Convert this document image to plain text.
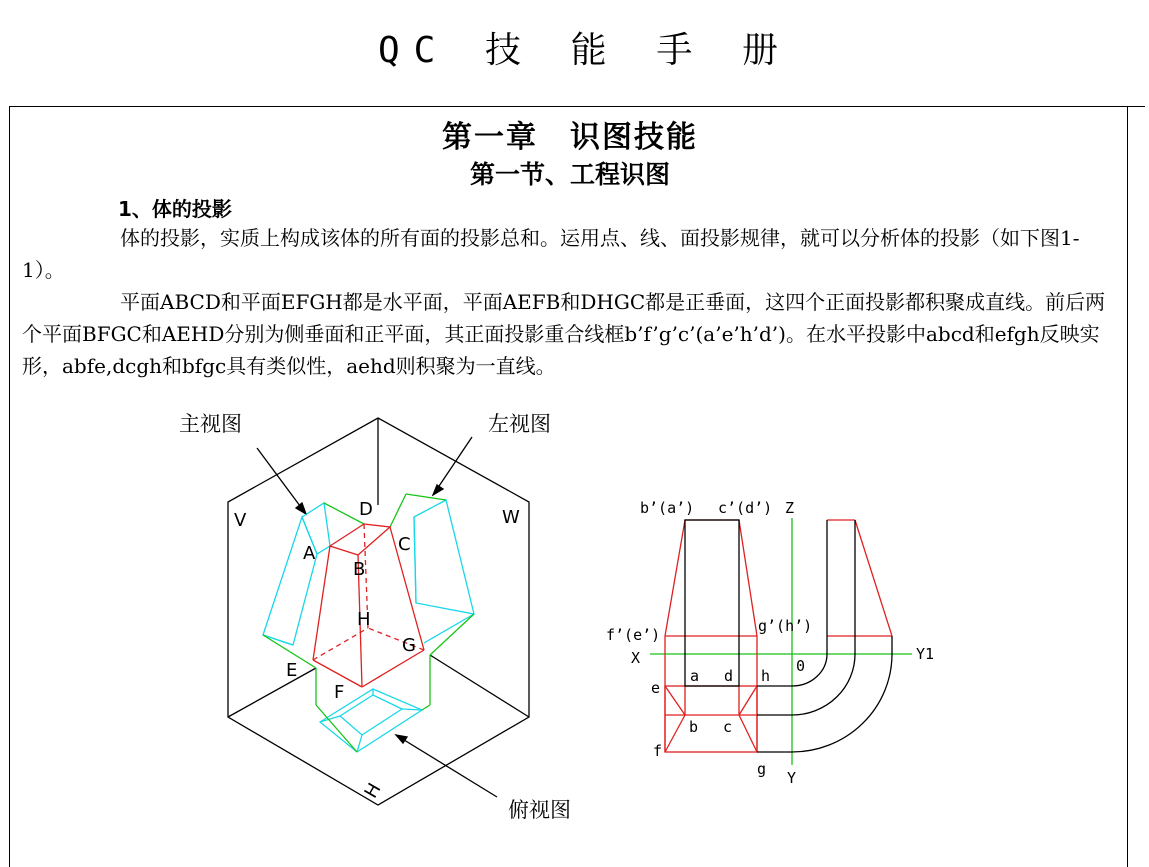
QC 技 能 手 册
第一章　识图技能
第一节、工程识图
1、体的投影
体的投影，实质上构成该体的所有面的投影总和。运用点、线、面投影规律，就可以分析体的投影（如下图1-1）。
平面ABCD和平面EFGH都是水平面，平面AEFB和DHGC都是正垂面，这四个正面投影都积聚成直线。前后两个平面BFGC和AEHD分别为侧垂面和正平面，其正面投影重合线框b’f’g’c’(a’e’h’d’)。在水平投影中abcd和efgh反映实形，abfe,dcgh和bfgc具有类似性，aehd则积聚为一直线。
主视图	左视图
俯视图
V	W
H
A
B
C
D
E
F
G
H
b’(a’) c’(d’) Z
f’(e’)	g’(h’)
X	Y1
0
Y
a d h
e
b c
f
g
